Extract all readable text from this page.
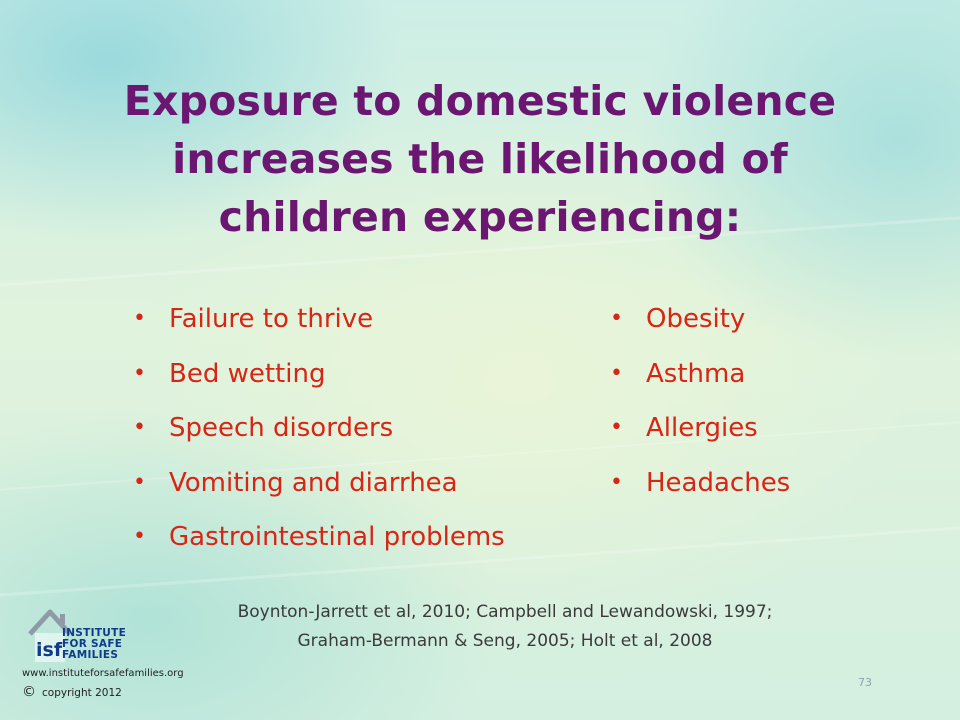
Exposure to domestic violence
increases the likelihood of
children experiencing:
• Failure to thrive
• Bed wetting
• Speech disorders
• Vomiting and diarrhea
• Gastrointestinal problems
• Obesity
• Asthma
• Allergies
• Headaches
Boynton-Jarrett et al, 2010; Campbell and Lewandowski, 1997;
Graham-Bermann & Seng, 2005; Holt et al, 2008
isf
INSTITUTE
FOR SAFE
FAMILIES
www.instituteforsafefamilies.org
© copyright 2012
73
